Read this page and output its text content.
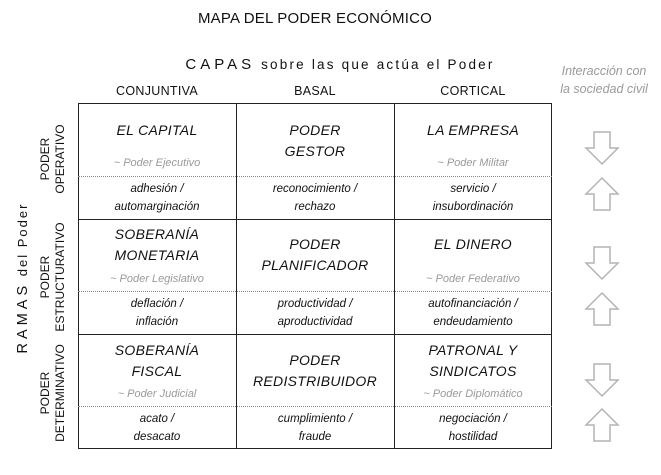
MAPA DEL PODER ECONÓMICO
CAPAS sobre las que actúa el Poder
CONJUNTIVA	BASAL	CORTICAL
Interacción con
la sociedad civil
RAMAS del Poder
PODER OPERATIVO
PODER ESTRUCTURATIVO
PODER DETERMINATIVO
EL CAPITAL
~ Poder Ejecutivo
adhesión /
automarginación
PODER
GESTOR
reconocimiento /
rechazo
LA EMPRESA
~ Poder Militar
servicio /
insubordinación
SOBERANÍA
MONETARIA
~ Poder Legislativo
deflación /
inflación
PODER
PLANIFICADOR
productividad /
aproductividad
EL DINERO
~ Poder Federativo
autofinanciación /
endeudamiento
SOBERANÍA
FISCAL
~ Poder Judicial
acato /
desacato
PODER
REDISTRIBUIDOR
cumplimiento /
fraude
PATRONAL Y
SINDICATOS
~ Poder Diplomático
negociación /
hostilidad
